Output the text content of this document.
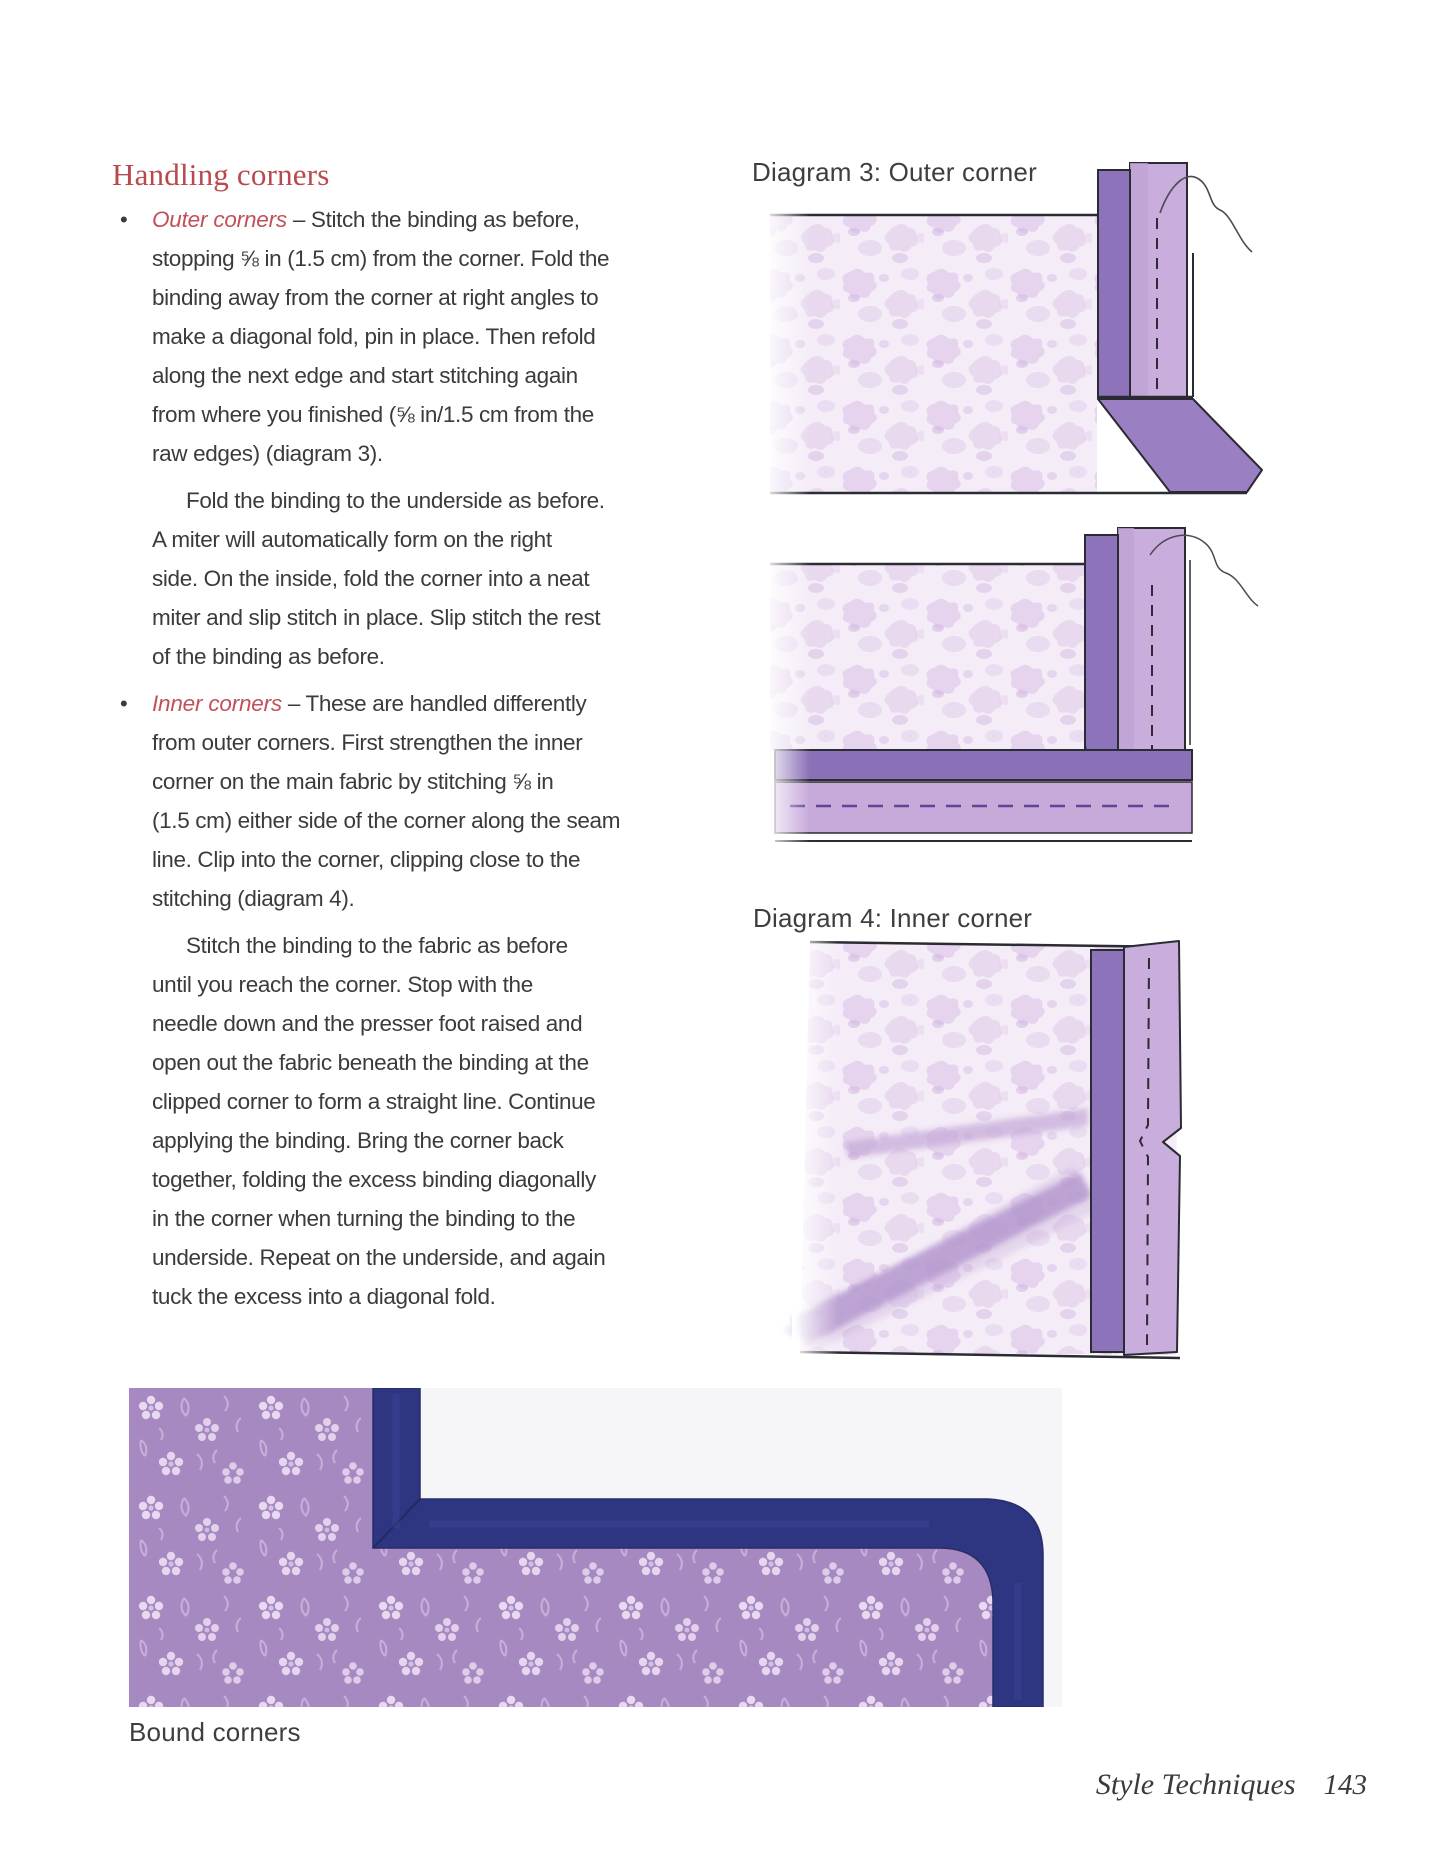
Handling corners
• Outer corners – Stitch the binding as before,
stopping ⅝ in (1.5 cm) from the corner. Fold the
binding away from the corner at right angles to
make a diagonal fold, pin in place. Then refold
along the next edge and start stitching again
from where you finished (⅝ in/1.5 cm from the
raw edges) (diagram 3).
Fold the binding to the underside as before.
A miter will automatically form on the right
side. On the inside, fold the corner into a neat
miter and slip stitch in place. Slip stitch the rest
of the binding as before.
• Inner corners – These are handled differently
from outer corners. First strengthen the inner
corner on the main fabric by stitching ⅝ in
(1.5 cm) either side of the corner along the seam
line. Clip into the corner, clipping close to the
stitching (diagram 4).
Stitch the binding to the fabric as before
until you reach the corner. Stop with the
needle down and the presser foot raised and
open out the fabric beneath the binding at the
clipped corner to form a straight line. Continue
applying the binding. Bring the corner back
together, folding the excess binding diagonally
in the corner when turning the binding to the
underside. Repeat on the underside, and again
tuck the excess into a diagonal fold.
Diagram 3: Outer corner
Diagram 4: Inner corner
Bound corners
Style Techniques 143
